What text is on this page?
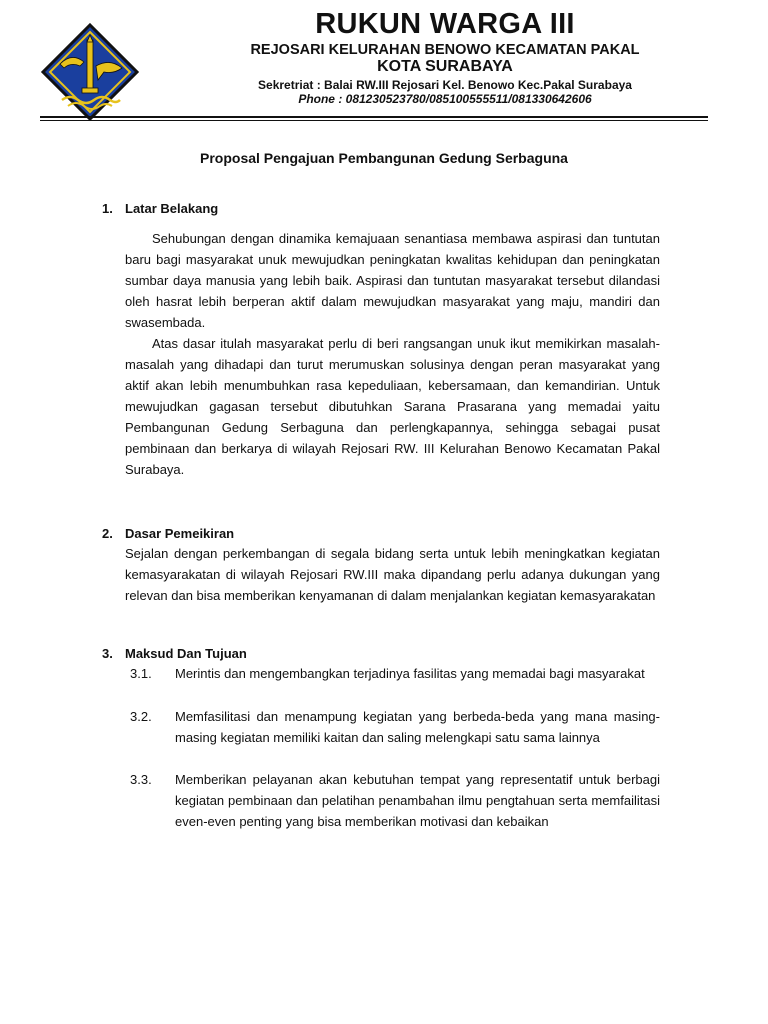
RUKUN WARGA III
REJOSARI KELURAHAN BENOWO KECAMATAN PAKAL
KOTA SURABAYA
Sekretriat : Balai RW.III Rejosari Kel. Benowo Kec.Pakal Surabaya
Phone : 081230523780/085100555511/081330642606
Proposal Pengajuan Pembangunan Gedung Serbaguna
1. Latar Belakang

Sehubungan dengan dinamika kemajuaan senantiasa membawa aspirasi dan tuntutan baru bagi masyarakat unuk mewujudkan peningkatan kwalitas kehidupan dan peningkatan sumbar daya manusia yang lebih baik. Aspirasi dan tuntutan masyarakat tersebut dilandasi oleh hasrat lebih berperan aktif dalam mewujudkan masyarakat yang maju, mandiri dan swasembada.

Atas dasar itulah masyarakat perlu di beri rangsangan unuk ikut memikirkan masalah-masalah yang dihadapi dan turut merumuskan solusinya dengan peran masyarakat yang aktif akan lebih menumbuhkan rasa kepeduliaan, kebersamaan, dan kemandirian. Untuk mewujudkan gagasan tersebut dibutuhkan Sarana Prasarana yang memadai yaitu Pembangunan Gedung Serbaguna dan perlengkapannya, sehingga sebagai pusat pembinaan dan berkarya di wilayah Rejosari RW. III Kelurahan Benowo Kecamatan Pakal Surabaya.

2. Dasar Pemeikiran

Sejalan dengan perkembangan di segala bidang serta untuk lebih meningkatkan kegiatan kemasyarakatan di wilayah Rejosari RW.III maka dipandang perlu adanya dukungan yang relevan dan bisa memberikan kenyamanan di dalam menjalankan kegiatan kemasyarakatan

3. Maksud Dan Tujuan
3.1. Merintis dan mengembangkan terjadinya fasilitas yang memadai bagi masyarakat

3.2. Memfasilitasi dan menampung kegiatan yang berbeda-beda yang mana masing-masing kegiatan memiliki kaitan dan saling melengkapi satu sama lainnya

3.3. Memberikan pelayanan akan kebutuhan tempat yang representatif untuk berbagi kegiatan pembinaan dan pelatihan penambahan ilmu pengtahuan serta memfailitasi even-even penting yang bisa memberikan motivasi dan kebaikan
